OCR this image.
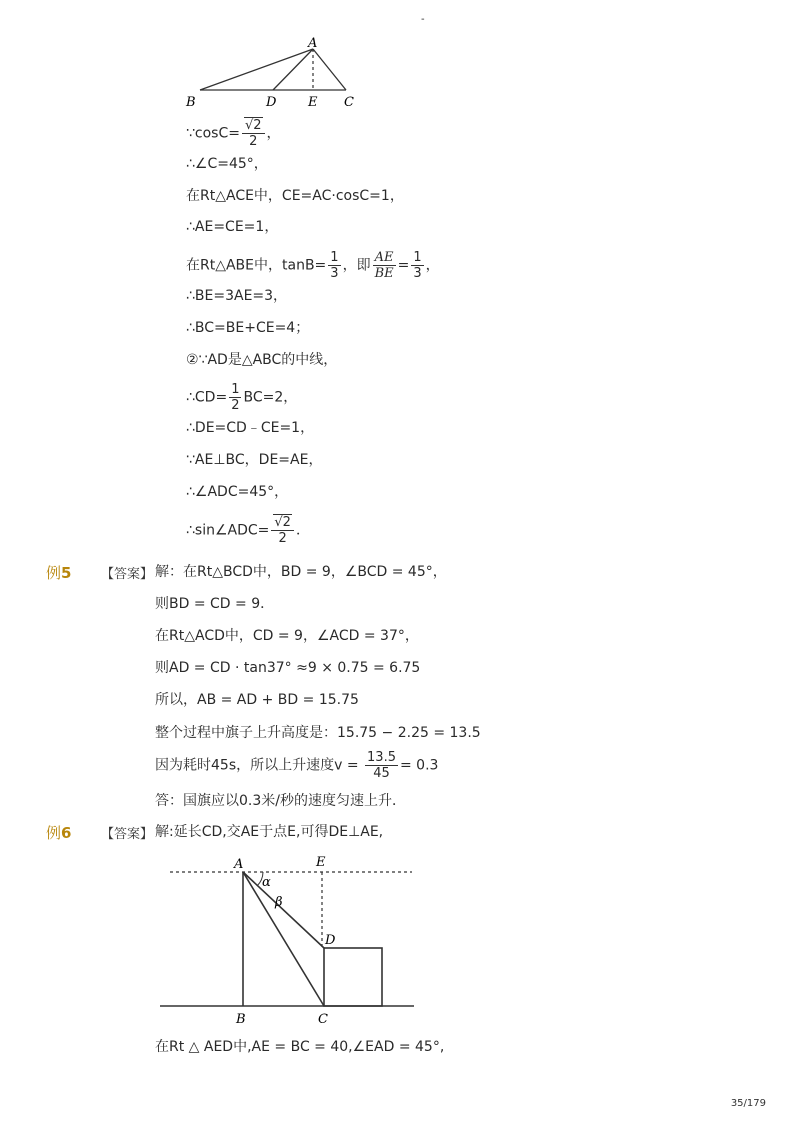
-
A
B	D E C
∵cosC= $\frac{√2}{2}$ ，
∴∠C=45°，
在Rt△ACE中，CE=AC·cosC=1，
∴AE=CE=1，
在Rt△ABE中，$\tan B= \frac{1}{3}$ ，即 $\frac{AE}{BE} = \frac{1}{3}$ ，
∴BE=3AE=3，
∴BC=BE+CE=4；
②∵AD是△ABC的中线，
∴CD= $\frac{1}{2} BC=2$，
∴DE=CD﹣CE=1，
∵AE⊥BC，DE=AE，
∴∠ADC=45°，
∴sin∠ADC= $\frac{√2}{2}$ ．
例5 【答案】 解：在Rt△BCD中，BD = 9，∠BCD = 45°，
则BD = CD = 9．
在Rt△ACD中，CD = 9，∠ACD = 37°，
则AD = CD · tan37° ≈9 × 0.75 = 6.75
所以，AB = AD + BD = 15.75
整个过程中旗子上升高度是：15.75 − 2.25 = 13.5
因为耗时45s，所以上升速度$v = \frac{13.5}{45} = 0.3$
答：国旗应以0.3米/秒的速度匀速上升．
例6 【答案】 解:延长CD,交AE于点E,可得DE⊥AE,
A	E
α
β
D
B	C
在Rt △ AED中,AE = BC = 40,∠EAD = 45°,
35/179
